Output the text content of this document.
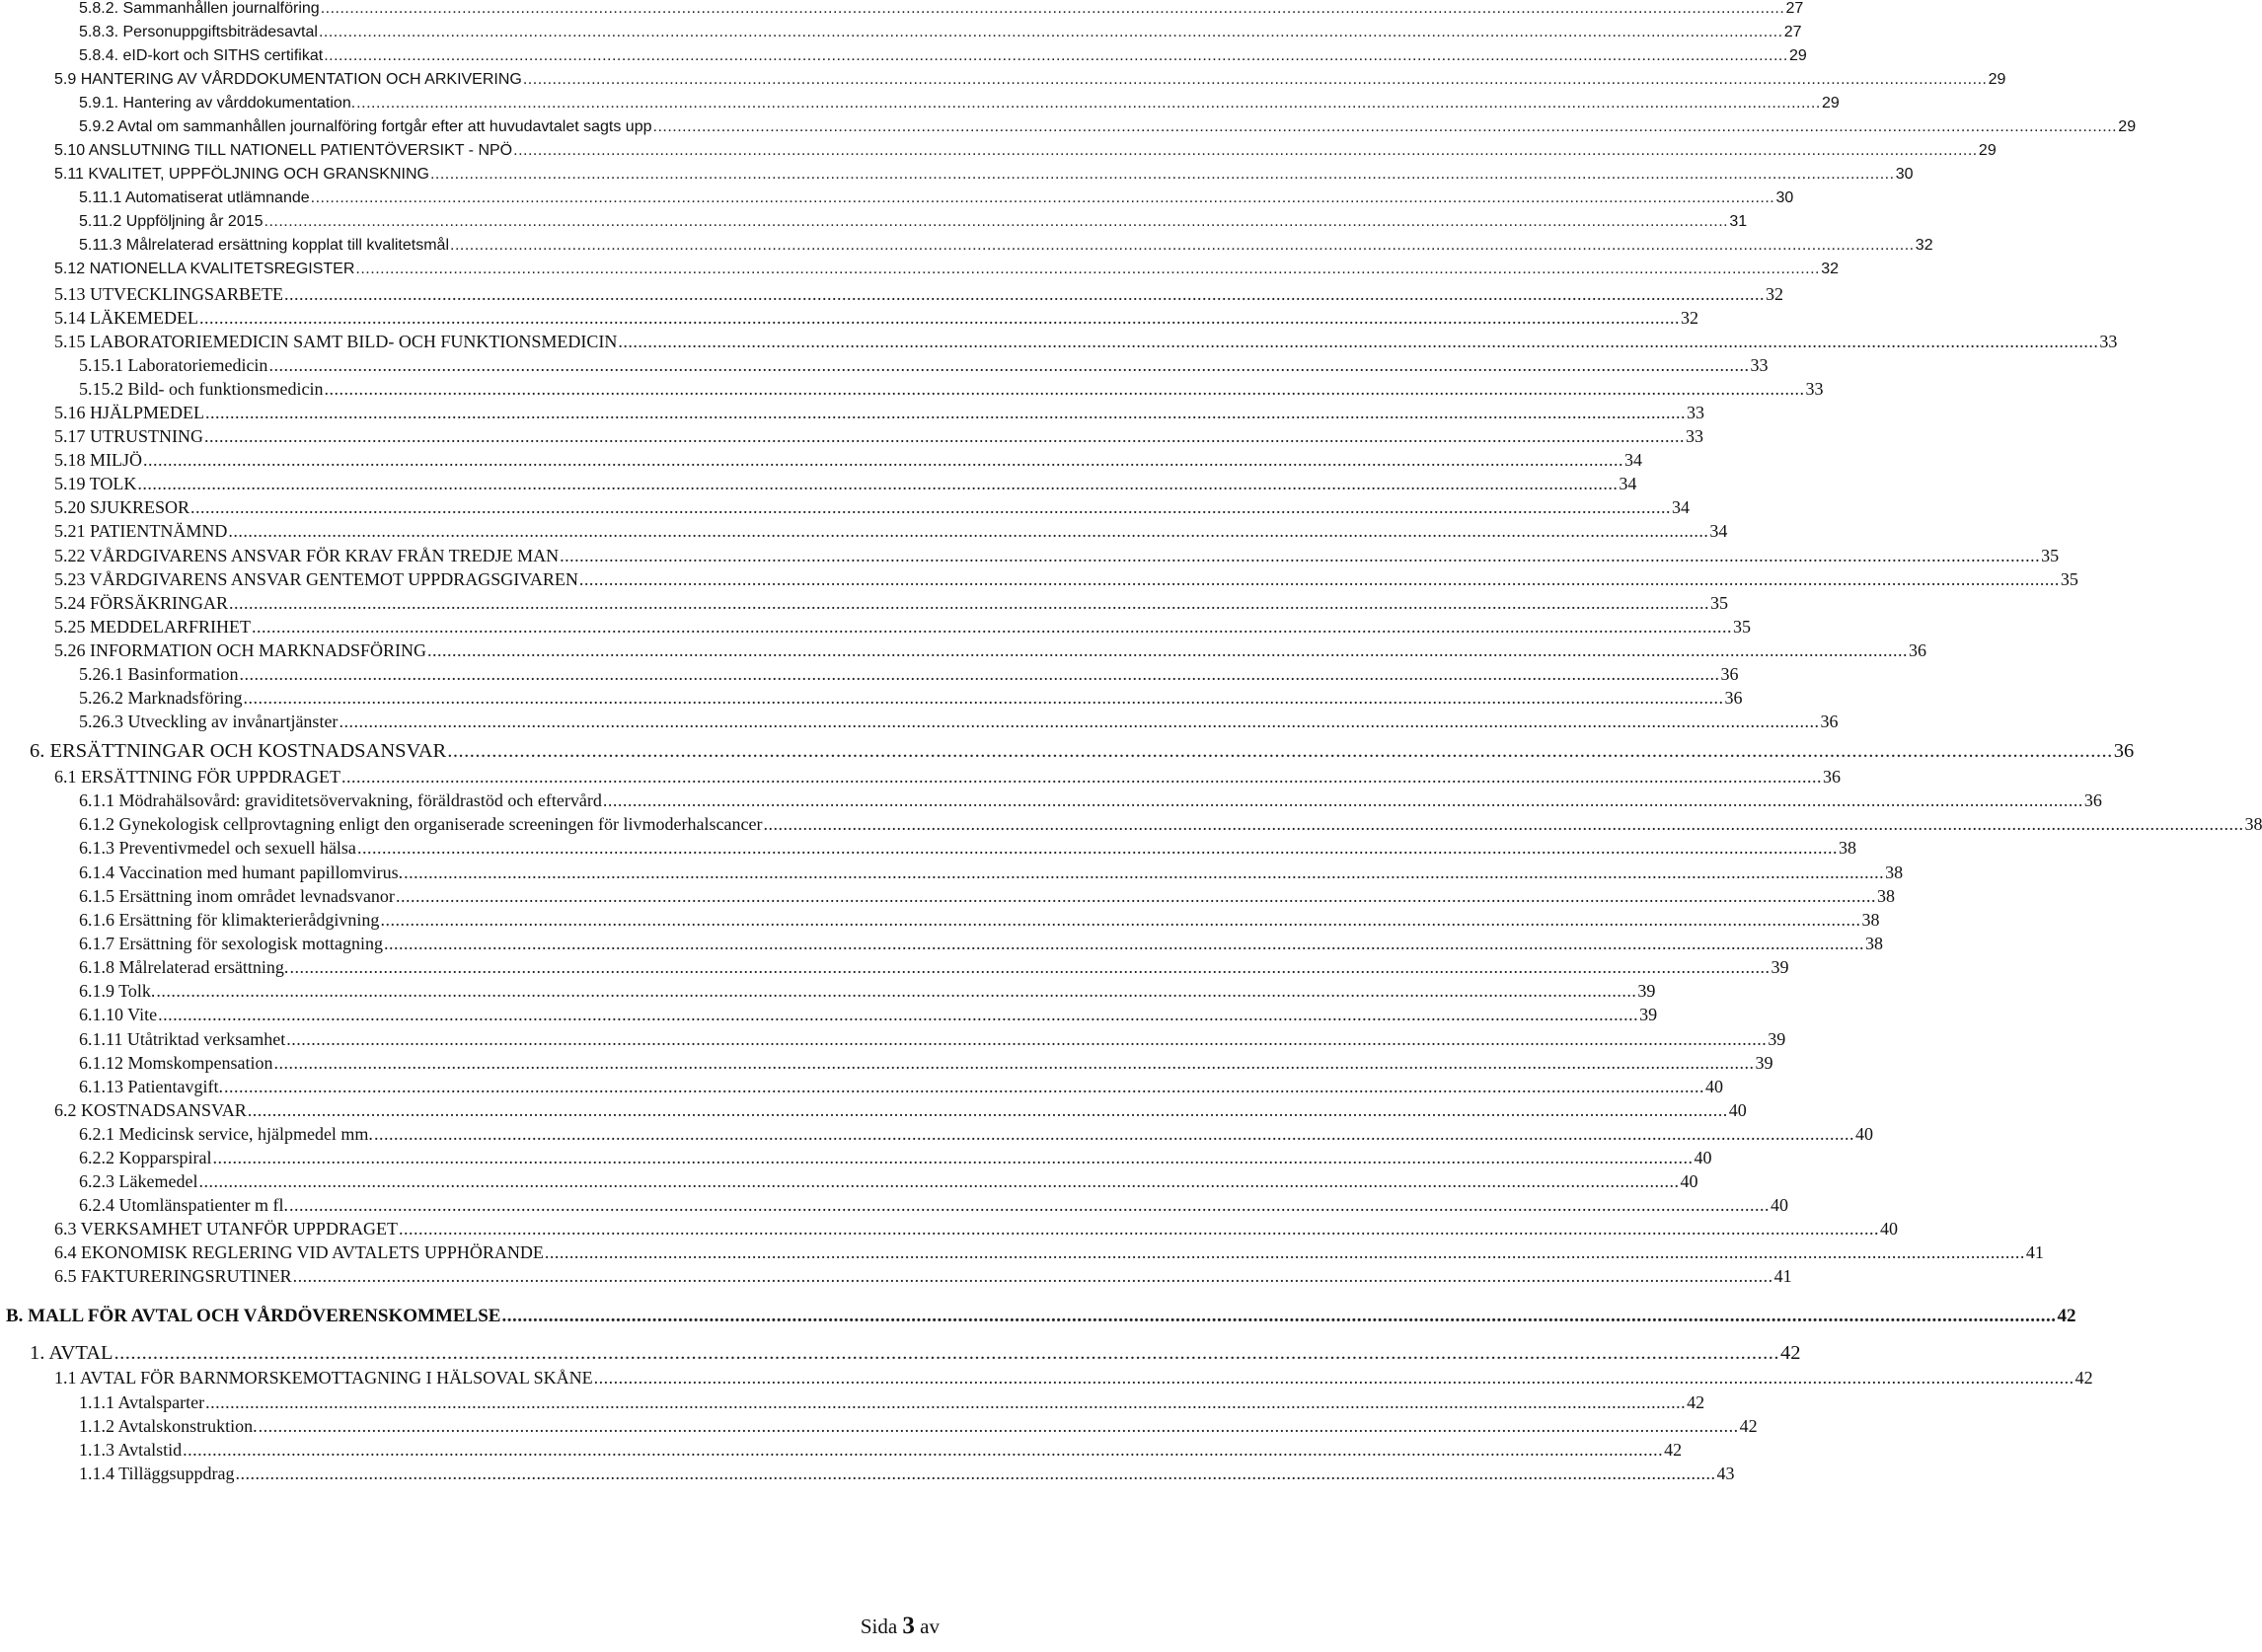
5.8.2. Sammanhållen journalföring ............................................................................................................................................................................................................................................................................................................ 27
5.8.3. Personuppgiftsbiträdesavtal ............................................................................................................................................................................................................................................................................................................ 27
5.8.4. eID-kort och SITHS certifikat ............................................................................................................................................................................................................................................................................................................ 29
5.9 HANTERING AV VÅRDDOKUMENTATION OCH ARKIVERING ............................................................................................................................................................................................................................................................................................................ 29
5.9.1. Hantering av vårddokumentation. ............................................................................................................................................................................................................................................................................................................ 29
5.9.2 Avtal om sammanhållen journalföring fortgår efter att huvudavtalet sagts upp ............................................................................................................................................................................................................................................................................................................ 29
5.10 ANSLUTNING TILL NATIONELL PATIENTÖVERSIKT - NPÖ ............................................................................................................................................................................................................................................................................................................ 29
5.11 KVALITET, UPPFÖLJNING OCH GRANSKNING ............................................................................................................................................................................................................................................................................................................ 30
5.11.1 Automatiserat utlämnande ............................................................................................................................................................................................................................................................................................................ 30
5.11.2 Uppföljning år 2015 ............................................................................................................................................................................................................................................................................................................ 31
5.11.3 Målrelaterad ersättning kopplat till kvalitetsmål ............................................................................................................................................................................................................................................................................................................ 32
5.12 NATIONELLA KVALITETSREGISTER ............................................................................................................................................................................................................................................................................................................ 32
5.13 UTVECKLINGSARBETE ............................................................................................................................................................................................................................................................................................................ 32
5.14 LÄKEMEDEL ............................................................................................................................................................................................................................................................................................................ 32
5.15 LABORATORIEMEDICIN SAMT BILD- OCH FUNKTIONSMEDICIN ............................................................................................................................................................................................................................................................................................................ 33
5.15.1 Laboratoriemedicin ............................................................................................................................................................................................................................................................................................................ 33
5.15.2 Bild- och funktionsmedicin ............................................................................................................................................................................................................................................................................................................ 33
5.16 HJÄLPMEDEL ............................................................................................................................................................................................................................................................................................................ 33
5.17 UTRUSTNING ............................................................................................................................................................................................................................................................................................................ 33
5.18 MILJÖ ............................................................................................................................................................................................................................................................................................................ 34
5.19 TOLK ............................................................................................................................................................................................................................................................................................................ 34
5.20 SJUKRESOR ............................................................................................................................................................................................................................................................................................................ 34
5.21 PATIENTNÄMND ............................................................................................................................................................................................................................................................................................................ 34
5.22 VÅRDGIVARENS ANSVAR FÖR KRAV FRÅN TREDJE MAN ............................................................................................................................................................................................................................................................................................................ 35
5.23 VÅRDGIVARENS ANSVAR GENTEMOT UPPDRAGSGIVAREN ............................................................................................................................................................................................................................................................................................................ 35
5.24 FÖRSÄKRINGAR ............................................................................................................................................................................................................................................................................................................ 35
5.25 MEDDELARFRIHET ............................................................................................................................................................................................................................................................................................................ 35
5.26 INFORMATION OCH MARKNADSFÖRING ............................................................................................................................................................................................................................................................................................................ 36
5.26.1 Basinformation ............................................................................................................................................................................................................................................................................................................ 36
5.26.2 Marknadsföring ............................................................................................................................................................................................................................................................................................................ 36
5.26.3 Utveckling av invånartjänster ............................................................................................................................................................................................................................................................................................................ 36
6. ERSÄTTNINGAR OCH KOSTNADSANSVAR ............................................................................................................................................................................................................................................................................................................ 36
6.1 ERSÄTTNING FÖR UPPDRAGET ............................................................................................................................................................................................................................................................................................................ 36
6.1.1 Mödrahälsovård: graviditetsövervakning, föräldrastöd och eftervård ............................................................................................................................................................................................................................................................................................................ 36
6.1.2 Gynekologisk cellprovtagning enligt den organiserade screeningen för livmoderhalscancer ............................................................................................................................................................................................................................................................................................................ 38
6.1.3 Preventivmedel och sexuell hälsa ............................................................................................................................................................................................................................................................................................................ 38
6.1.4 Vaccination med humant papillomvirus. ............................................................................................................................................................................................................................................................................................................ 38
6.1.5 Ersättning inom området levnadsvanor ............................................................................................................................................................................................................................................................................................................ 38
6.1.6 Ersättning för klimakterierådgivning ............................................................................................................................................................................................................................................................................................................ 38
6.1.7 Ersättning för sexologisk mottagning ............................................................................................................................................................................................................................................................................................................ 38
6.1.8 Målrelaterad ersättning. ............................................................................................................................................................................................................................................................................................................ 39
6.1.9 Tolk. ............................................................................................................................................................................................................................................................................................................ 39
6.1.10 Vite ............................................................................................................................................................................................................................................................................................................ 39
6.1.11 Utåtriktad verksamhet ............................................................................................................................................................................................................................................................................................................ 39
6.1.12 Momskompensation ............................................................................................................................................................................................................................................................................................................ 39
6.1.13 Patientavgift. ............................................................................................................................................................................................................................................................................................................ 40
6.2 KOSTNADSANSVAR ............................................................................................................................................................................................................................................................................................................ 40
6.2.1 Medicinsk service, hjälpmedel mm. ............................................................................................................................................................................................................................................................................................................ 40
6.2.2 Kopparspiral ............................................................................................................................................................................................................................................................................................................ 40
6.2.3 Läkemedel ............................................................................................................................................................................................................................................................................................................ 40
6.2.4 Utomlänspatienter m fl. ............................................................................................................................................................................................................................................................................................................ 40
6.3 VERKSAMHET UTANFÖR UPPDRAGET ............................................................................................................................................................................................................................................................................................................ 40
6.4 EKONOMISK REGLERING VID AVTALETS UPPHÖRANDE ............................................................................................................................................................................................................................................................................................................ 41
6.5 FAKTURERINGSRUTINER ............................................................................................................................................................................................................................................................................................................ 41
B. MALL FÖR AVTAL OCH VÅRDÖVERENSKOMMELSE ............................................................................................................................................................................................................................................................................................................ 42
1. AVTAL ............................................................................................................................................................................................................................................................................................................ 42
1.1 AVTAL FÖR BARNMORSKEMOTTAGNING I HÄLSOVAL SKÅNE ............................................................................................................................................................................................................................................................................................................ 42
1.1.1 Avtalsparter ............................................................................................................................................................................................................................................................................................................ 42
1.1.2 Avtalskonstruktion. ............................................................................................................................................................................................................................................................................................................ 42
1.1.3 Avtalstid ............................................................................................................................................................................................................................................................................................................ 42
1.1.4 Tilläggsuppdrag ............................................................................................................................................................................................................................................................................................................ 43
Sida 3 av
